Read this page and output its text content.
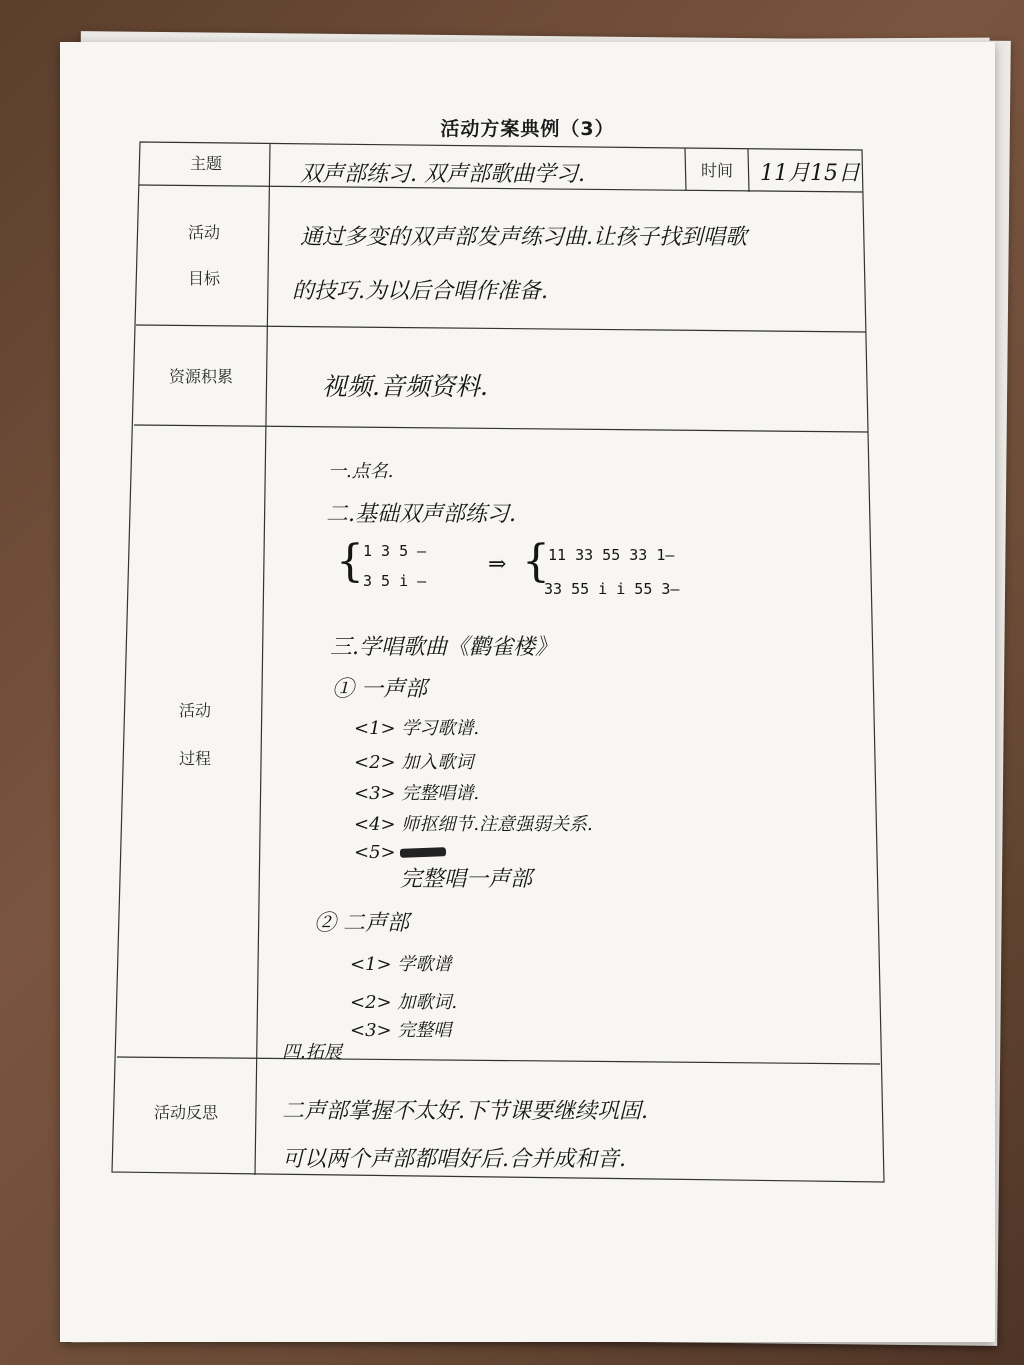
活动方案典例（3）
主题	时间
活动
目标
资源积累
活动
过程
活动反思
双声部练习. 双声部歌曲学习.	11月15日
通过多变的双声部发声练习曲.让孩子找到唱歌
的技巧.为以后合唱作准备.
视频.音频资料.
一.点名.
二.基础双声部练习.
{ 1 3 5 —
3 5 i —
⇒ {
11 33 55 33 1—
33 55 i i 55 3—
三.学唱歌曲《鹳雀楼》
① 一声部
<1> 学习歌谱.
<2> 加入歌词
<3> 完整唱谱.
<4> 师抠细节.注意强弱关系.
<5>
完整唱一声部
② 二声部
<1> 学歌谱
<2> 加歌词.
<3> 完整唱
四.拓展
二声部掌握不太好.下节课要继续巩固.
可以两个声部都唱好后.合并成和音.
